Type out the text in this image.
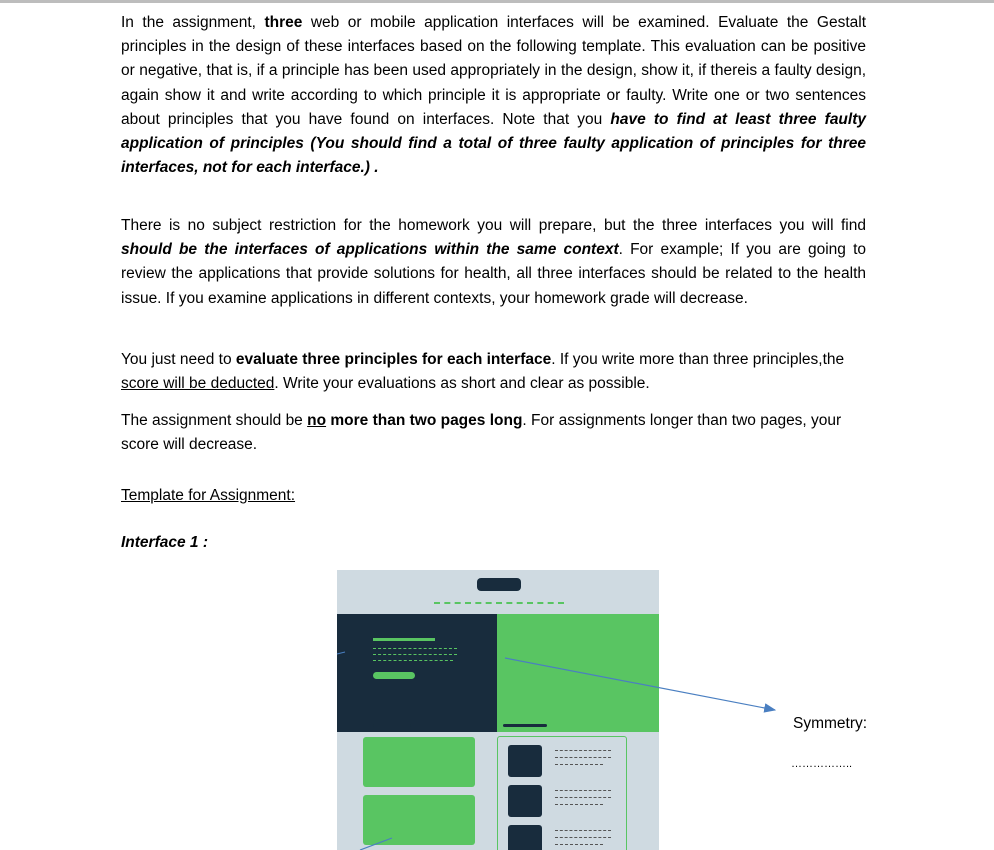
In the assignment, three web or mobile application interfaces will be examined. Evaluate the Gestalt principles in the design of these interfaces based on the following template. This evaluation can be positive or negative, that is, if a principle has been used appropriately in the design, show it, if thereis a faulty design, again show it and write according to which principle it is appropriate or faulty. Write one or two sentences about principles that you have found on interfaces. Note that you have to find at least three faulty application of principles (You should find a total of three faulty application of principles for three interfaces, not for each interface.) .

There is no subject restriction for the homework you will prepare, but the three interfaces you will find should be the interfaces of applications within the same context. For example; If you are going to review the applications that provide solutions for health, all three interfaces should be related to the health issue. If you examine applications in different contexts, your homework grade will decrease.

You just need to evaluate three principles for each interface. If you write more than three principles,the score will be deducted. Write your evaluations as short and clear as possible.

The assignment should be no more than two pages long. For assignments longer than two pages, your score will decrease.

Template for Assignment:
Interface 1 :
Symmetry:
……………..
